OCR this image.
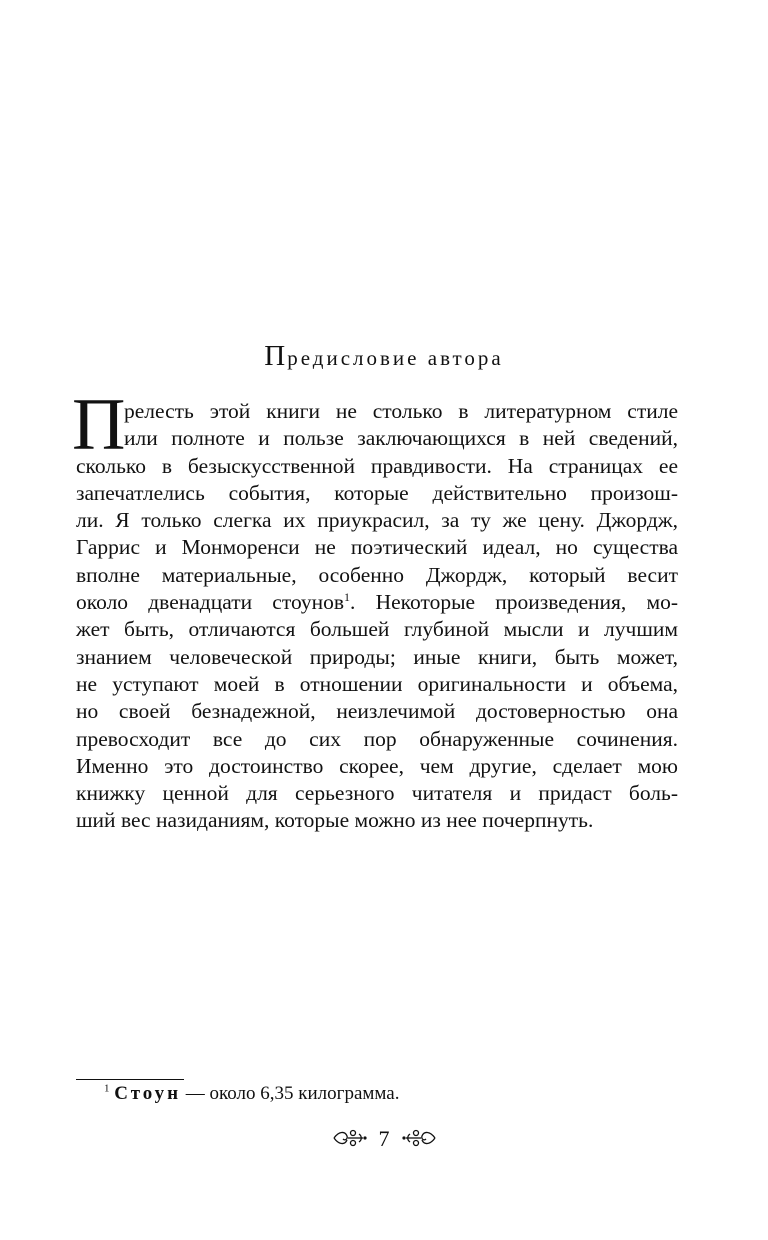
Предисловие автора
П
релесть этой книги не столько в литературном стиле
или полноте и пользе заключающихся в ней сведений,
сколько в безыскусственной правдивости. На страницах ее
запечатлелись события, которые действительно произош-
ли. Я только слегка их приукрасил, за ту же цену. Джордж,
Гаррис и Монморенси не поэтический идеал, но существа
вполне материальные, особенно Джордж, который весит
около двенадцати стоунов$^1$. Некоторые произведения, мо-
жет быть, отличаются большей глубиной мысли и лучшим
знанием человеческой природы; иные книги, быть может,
не уступают моей в отношении оригинальности и объема,
но своей безнадежной, неизлечимой достоверностью она
превосходит все до сих пор обнаруженные сочинения.
Именно это достоинство скорее, чем другие, сделает мою
книжку ценной для серьезного читателя и придаст боль-
ший вес назиданиям, которые можно из нее почерпнуть.
$^1$ Стоун — около 6,35 килограмма.
7
